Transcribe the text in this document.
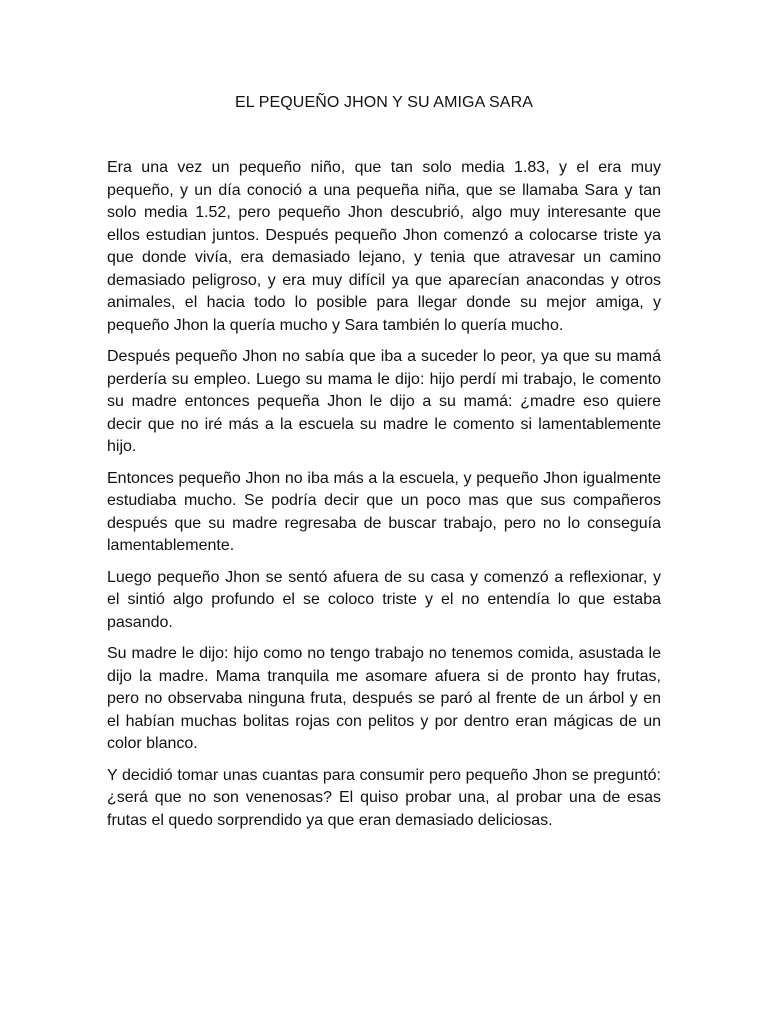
EL PEQUEÑO JHON Y SU AMIGA SARA

Era una vez un pequeño niño, que tan solo media 1.83, y el era muy pequeño, y un día conoció a una pequeña niña, que se llamaba Sara y tan solo media 1.52, pero pequeño Jhon descubrió, algo muy interesante que ellos estudian juntos. Después pequeño Jhon comenzó a colocarse triste ya que donde vivía, era demasiado lejano, y tenia que atravesar un camino demasiado peligroso, y era muy difícil ya que aparecían anacondas y otros animales, el hacia todo lo posible para llegar donde su mejor amiga, y pequeño Jhon la quería mucho y Sara también lo quería mucho.

Después pequeño Jhon no sabía que iba a suceder lo peor, ya que su mamá perdería su empleo. Luego su mama le dijo: hijo perdí mi trabajo, le comento su madre entonces pequeña Jhon le dijo a su mamá: ¿madre eso quiere decir que no iré más a la escuela su madre le comento si lamentablemente hijo.

Entonces pequeño Jhon no iba más a la escuela, y pequeño Jhon igualmente estudiaba mucho. Se podría decir que un poco mas que sus compañeros después que su madre regresaba de buscar trabajo, pero no lo conseguía lamentablemente.

Luego pequeño Jhon se sentó afuera de su casa y comenzó a reflexionar, y el sintió algo profundo el se coloco triste y el no entendía lo que estaba pasando.

Su madre le dijo: hijo como no tengo trabajo no tenemos comida, asustada le dijo la madre. Mama tranquila me asomare afuera si de pronto hay frutas, pero no observaba ninguna fruta, después se paró al frente de un árbol y en el habían muchas bolitas rojas con pelitos y por dentro eran mágicas de un color blanco.

Y decidió tomar unas cuantas para consumir pero pequeño Jhon se preguntó: ¿será que no son venenosas? El quiso probar una, al probar una de esas frutas el quedo sorprendido ya que eran demasiado deliciosas.
